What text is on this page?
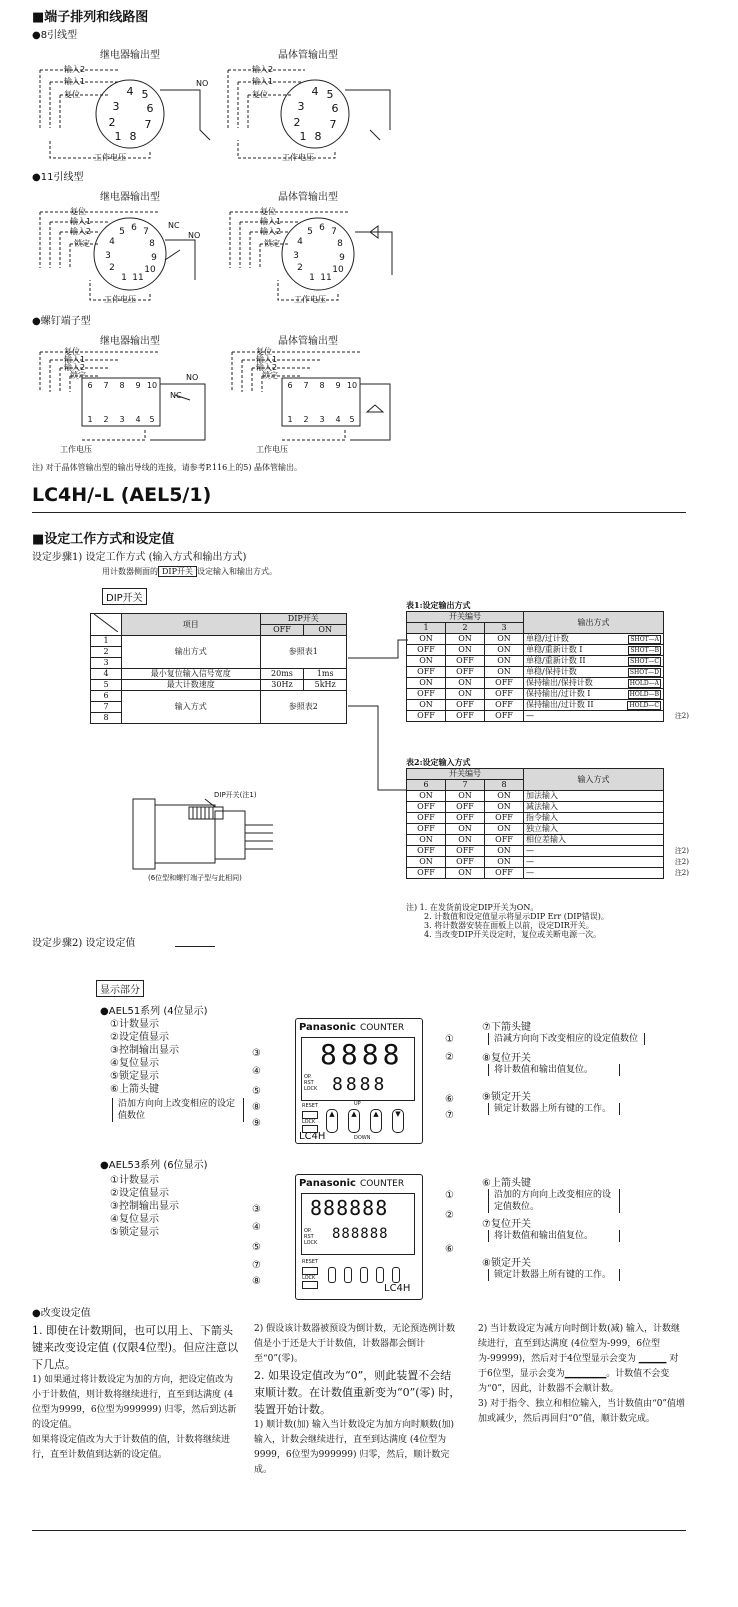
■端子排列和线路图
●8引线型
继电器输出型	晶体管输出型
●11引线型
继电器输出型	晶体管输出型
●螺钉端子型
继电器输出型	晶体管输出型
3
4 5
6
7
8
1
2
3
4 5
6
7
8
1
2
4
5 6 7
8
9
10
11
1
2
3
4
5 6 7
8
9
10
11
1
2
3
6 7 8 9 10
1 2 3 4 5
6 7 8 9 10
1 2 3 4 5
输入2
输入1
复位
工作电压
NO
输入2
输入1
复位
工作电压
复位
输入1
输入2
锁定
工作电压
NC
NO
复位
输入1
输入2
锁定
工作电压
复位
输入1
输入2
锁定
工作电压
NO
NC
复位
输入1
输入2
锁定
工作电压
注) 对于晶体管输出型的输出导线的连接，请参考P.116上的5) 晶体管输出。
LC4H/-L (AEL5/1)
■设定工作方式和设定值
设定步骤1) 设定工作方式 (输入方式和输出方式)
用计数器侧面的 DIP开关 设定输入和输出方式。
DIP开关
	项目	DIP开关	
		OFF	ON
1	输出方式	参照表1	
2			
3			
4	最小复位输入信号宽度	20ms	1ms
5	最大计数速度	30Hz	5kHz
6	输入方式	参照表2	
7			
8			
表1:设定输出方式
开关编号			输出方式
1	2	3	
ON	ON	ON	单稳/过计数 SHOT—A

OFF	ON	ON	单稳/重新计数 I SHOT—B

ON	OFF	ON	单稳/重新计数 II SHOT—C

OFF	OFF	ON	单稳/保持计数 SHOT—D

ON	ON	OFF	保持输出/保持计数 HOLD—A

OFF	ON	OFF	保持输出/过计数 I HOLD—B

ON	OFF	OFF	保持输出/过计数 II HOLD—C

OFF	OFF	OFF	— 注2)
表2:设定输入方式
开关编号			输入方式
6	7	8	
ON	ON	ON	加法输入
OFF	OFF	ON	减法输入
OFF	OFF	OFF	指令输入
OFF	ON	ON	独立输入
ON	ON	OFF	相位差输入
OFF	OFF	ON	— 注2)

ON	OFF	ON	— 注2)

OFF	ON	OFF	— 注2)
DIP开关(注1)
(6位型和螺钉端子型与此相同)
注) 1. 在发货前设定DIP开关为ON。
2. 计数值和设定值显示将显示DIP Err (DIP错误)。
3. 将计数器安装在面板上以前，设定DIR开关。
4. 当改变DIP开关设定时，复位或关断电源一次。
设定步骤2) 设定设定值
显示部分
●AEL51系列 (4位显示)
①计数显示
②设定值显示
③控制输出显示
④复位显示
⑤锁定显示
⑥上箭头键
沿加方向向上改变相应的设定值数位
Panasonic COUNTER
8888
8888
OP.
RST
LOCK
RESET
LOCK
UP
▲	▲	▲	▼
LC4H	DOWN
③
④
⑤
⑧
⑨
①
②
⑥
⑦
⑦下箭头键
沿减方向向下改变相应的设定值数位
⑧复位开关
将计数值和输出值复位。
⑨锁定开关
锁定计数器上所有键的工作。
●AEL53系列 (6位显示)
①计数显示
②设定值显示
③控制输出显示
④复位显示
⑤锁定显示
Panasonic COUNTER
888888
888888
OP.
RST
LOCK
RESET
LOCK
LC4H
③
④
⑤
⑦
⑧
①
②
⑥
⑥上箭头键
沿加的方向向上改变相应的设定值数位。
⑦复位开关
将计数值和输出值复位。
⑧锁定开关
锁定计数器上所有键的工作。
●改变设定值
1. 即使在计数期间，也可以用上、下箭头键来改变设定值 (仅限4位型)。但应注意以下几点。
1) 如果通过将计数设定为加的方向，把设定值改为小于计数值，则计数将继续进行，直至到达满度 (4位型为9999，6位型为999999) 归零，然后到达新的设定值。
如果将设定值改为大于计数值的值，计数将继续进行，直至计数值到达新的设定值。
2) 假设该计数器被预设为倒计数，无论预选例计数值是小于还是大于计数值，计数器都会倒计至“0”(零)。
2. 如果设定值改为“0”，则此装置不会结束顺计数。在计数值重新变为“0”(零) 时，装置开始计数。
1) 顺计数(加) 输入当计数设定为加方向时顺数(加) 输入，计数会继续进行，直至到达满度 (4位型为9999，6位型为999999) 归零，然后，顺计数完成。
2) 当计数设定为减方向时倒计数(减) 输入，计数继续进行，直至到达满度 (4位型为-999，6位型为-99999)，然后对于4位型显示会变为 ▁▁▁▁ 对于6位型，显示会变为▁▁▁▁▁▁。计数值不会变为“0”，因此，计数器不会顺计数。
3) 对于指令、独立和相位输入，当计数值由“0”值增加或减少，然后再回归“0”值，顺计数完成。
